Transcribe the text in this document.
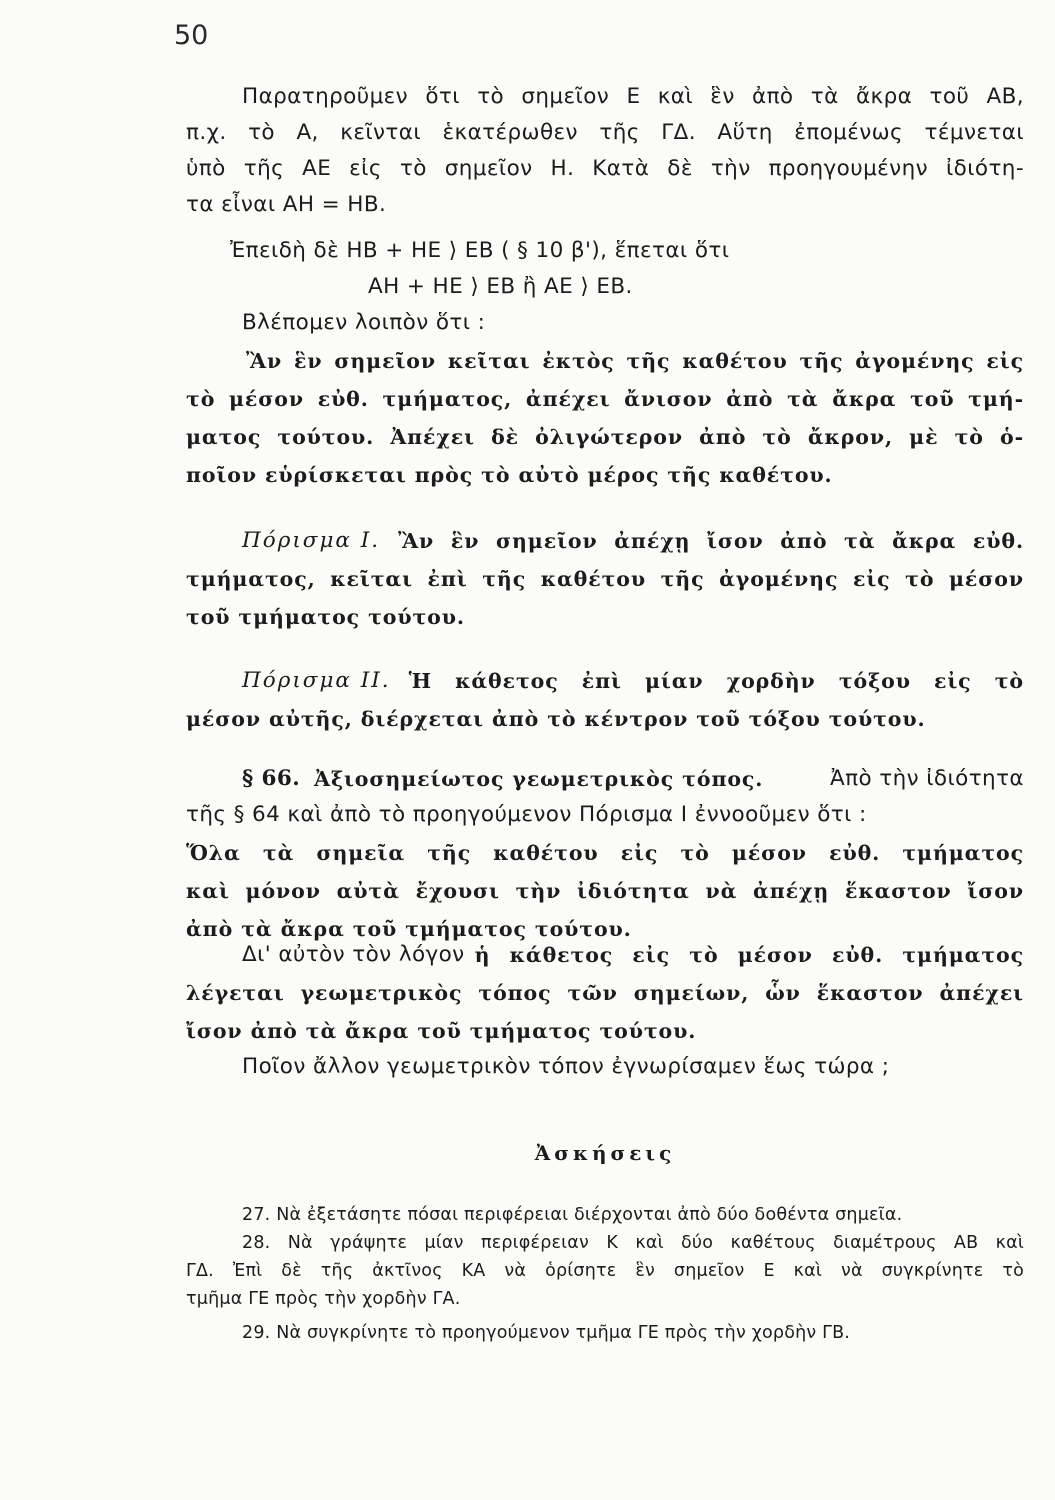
50
Παρατηροῦμεν ὅτι τὸ σημεῖον Ε καὶ ἓν ἀπὸ τὰ ἄκρα τοῦ ΑΒ,
π.χ. τὸ Α, κεῖνται ἑκατέρωθεν τῆς ΓΔ. Αὕτη ἐπομένως τέμνεται
ὑπὸ τῆς ΑΕ εἰς τὸ σημεῖον Η. Κατὰ δὲ τὴν προηγουμένην ἰδιότη-
τα εἶναι ΑΗ = ΗΒ.
Ἐπειδὴ δὲ ΗΒ + ΗΕ ⟩ ΕΒ ( § 10 β'), ἕπεται ὅτι
ΑΗ + ΗΕ ⟩ ΕΒ ἢ ΑΕ ⟩ ΕΒ.
Βλέπομεν λοιπὸν ὅτι :
Ἂν ἓν σημεῖον κεῖται ἐκτὸς τῆς καθέτου τῆς ἀγομένης εἰς
τὸ μέσον εὐθ. τμήματος, ἀπέχει ἄνισον ἀπὸ τὰ ἄκρα τοῦ τμή-
ματος τούτου. Ἀπέχει δὲ ὀλιγώτερον ἀπὸ τὸ ἄκρον, μὲ τὸ ὁ-
ποῖον εὑρίσκεται πρὸς τὸ αὐτὸ μέρος τῆς καθέτου.
Πόρισμα Ι. Ἂν ἓν σημεῖον ἀπέχῃ ἴσον ἀπὸ τὰ ἄκρα εὐθ.
τμήματος, κεῖται ἐπὶ τῆς καθέτου τῆς ἀγομένης εἰς τὸ μέσον
τοῦ τμήματος τούτου.
Πόρισμα ΙΙ. Ἡ κάθετος ἐπὶ μίαν χορδὴν τόξου εἰς τὸ
μέσον αὐτῆς, διέρχεται ἀπὸ τὸ κέντρον τοῦ τόξου τούτου.
§ 66. Ἀξιοσημείωτος γεωμετρικὸς τόπος.	Ἀπὸ τὴν ἰδιότητα
τῆς § 64 καὶ ἀπὸ τὸ προηγούμενον Πόρισμα Ι ἐννοοῦμεν ὅτι :
Ὅλα τὰ σημεῖα τῆς καθέτου εἰς τὸ μέσον εὐθ. τμήματος
καὶ μόνον αὐτὰ ἔχουσι τὴν ἰδιότητα νὰ ἀπέχῃ ἕκαστον ἴσον
ἀπὸ τὰ ἄκρα τοῦ τμήματος τούτου.
Δι' αὐτὸν τὸν λόγον ἡ κάθετος εἰς τὸ μέσον εὐθ. τμήματος
λέγεται γεωμετρικὸς τόπος τῶν σημείων, ὧν ἕκαστον ἀπέχει
ἴσον ἀπὸ τὰ ἄκρα τοῦ τμήματος τούτου.
Ποῖον ἄλλον γεωμετρικὸν τόπον ἐγνωρίσαμεν ἕως τώρα ;
Ἀσκήσεις
27. Νὰ ἐξετάσητε πόσαι περιφέρειαι διέρχονται ἀπὸ δύο δοθέντα σημεῖα.
28. Νὰ γράψητε μίαν περιφέρειαν Κ καὶ δύο καθέτους διαμέτρους ΑΒ καὶ
ΓΔ. Ἐπὶ δὲ τῆς ἀκτῖνος ΚΑ νὰ ὁρίσητε ἓν σημεῖον Ε καὶ νὰ συγκρίνητε τὸ
τμῆμα ΓΕ πρὸς τὴν χορδὴν ΓΑ.
29. Νὰ συγκρίνητε τὸ προηγούμενον τμῆμα ΓΕ πρὸς τὴν χορδὴν ΓΒ.
